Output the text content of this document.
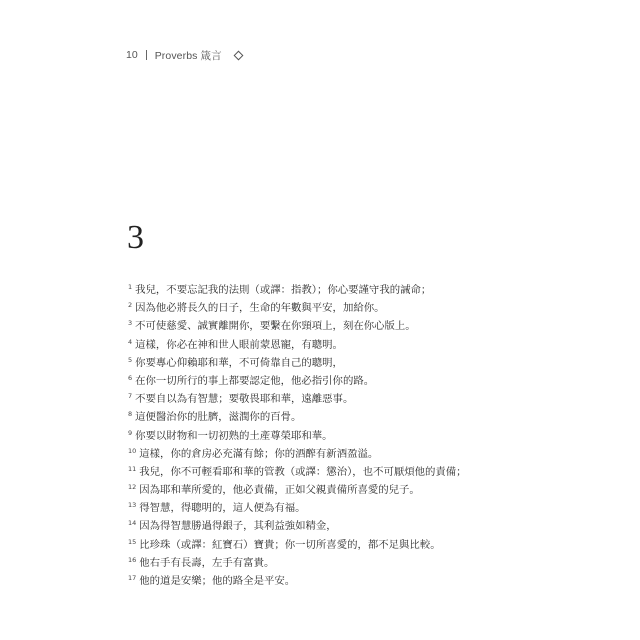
10 Proverbs 箴言
3
$^1$ 我兒，不要忘記我的法則（或譯：指教）；你心要謹守我的誡命；
$^2$ 因為他必將長久的日子，生命的年數與平安，加給你。
$^3$ 不可使慈愛、誠實離開你，要繫在你頸項上，刻在你心版上。
$^4$ 這樣，你必在神和世人眼前蒙恩寵，有聰明。
$^5$ 你要專心仰賴耶和華，不可倚靠自己的聰明，
$^6$ 在你一切所行的事上都要認定他，他必指引你的路。
$^7$ 不要自以為有智慧；要敬畏耶和華，遠離惡事。
$^8$ 這便醫治你的肚臍，滋潤你的百骨。
$^9$ 你要以財物和一切初熟的土產尊榮耶和華。
$^{10}$ 這樣，你的倉房必充滿有餘；你的酒醡有新酒盈溢。
$^{11}$ 我兒，你不可輕看耶和華的管教（或譯：懲治），也不可厭煩他的責備；
$^{12}$ 因為耶和華所愛的，他必責備，正如父親責備所喜愛的兒子。
$^{13}$ 得智慧，得聰明的，這人便為有福。
$^{14}$ 因為得智慧勝過得銀子，其利益強如精金，
$^{15}$ 比珍珠（或譯：紅寶石）寶貴；你一切所喜愛的，都不足與比較。
$^{16}$ 他右手有長壽，左手有富貴。
$^{17}$ 他的道是安樂；他的路全是平安。
